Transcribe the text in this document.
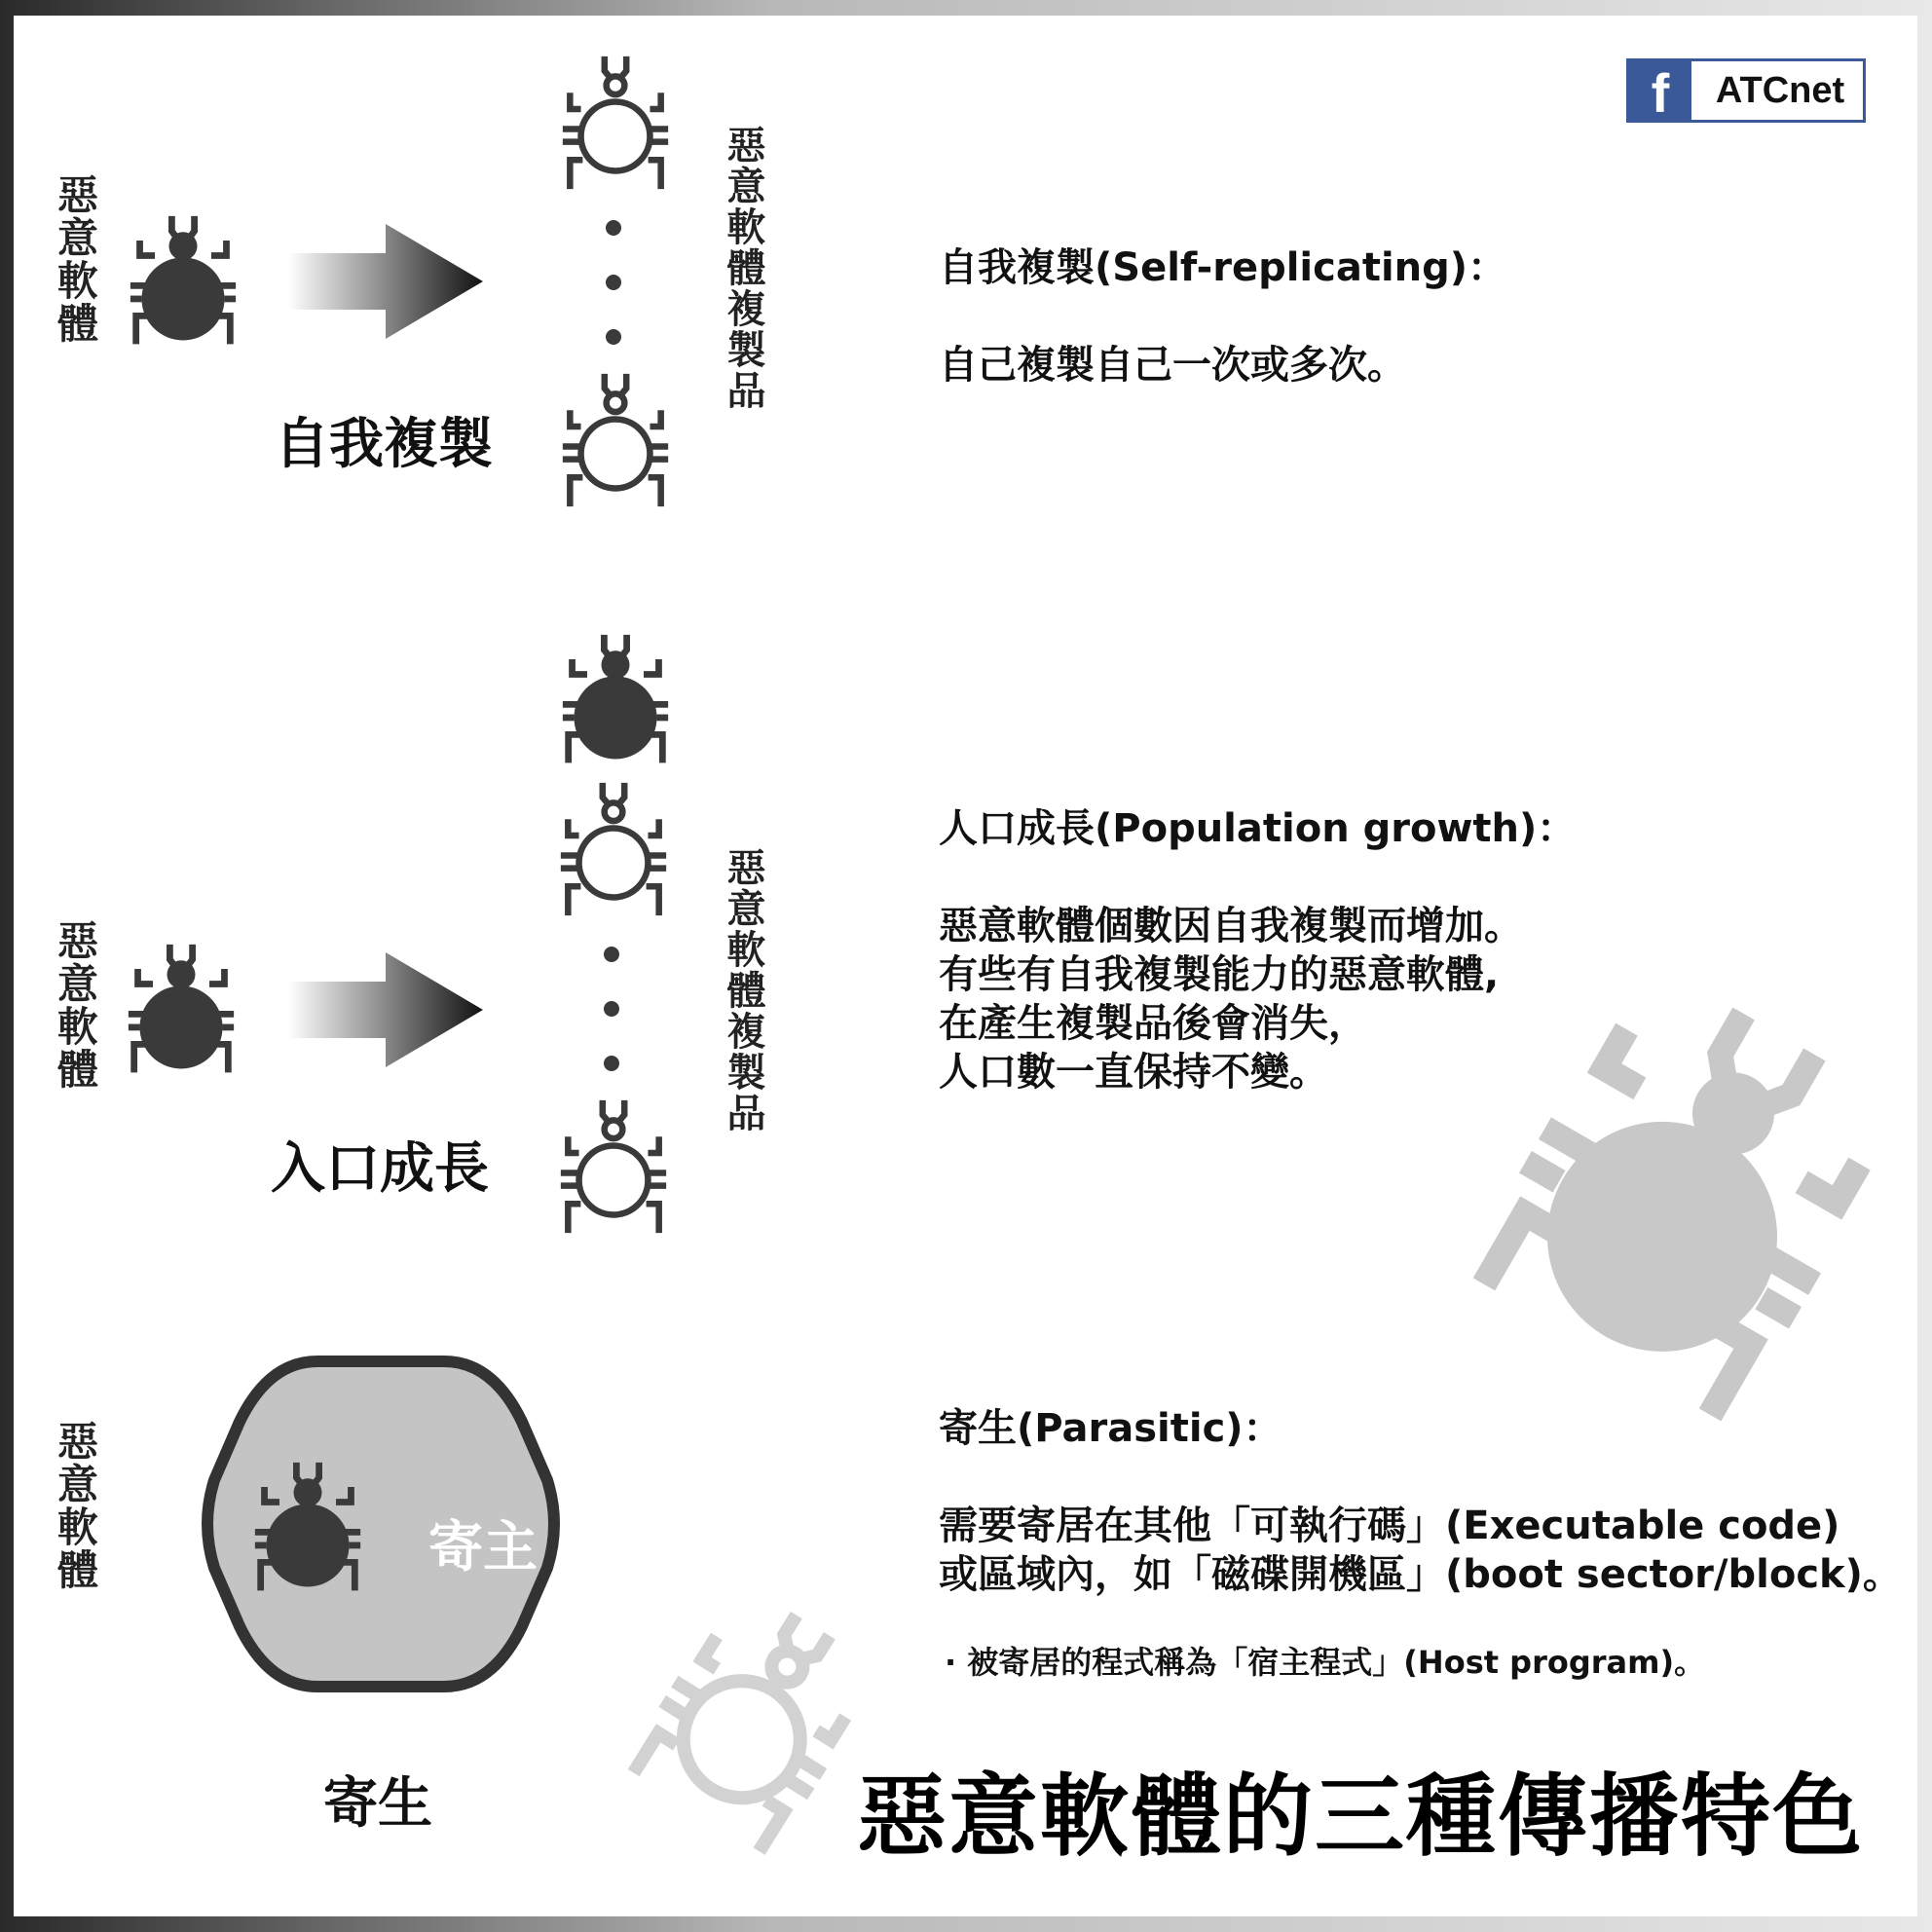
f	ATCnet
惡意軟體
自我複製
惡意軟體複製品	自我複製(Self-replicating)：

自己複製自己一次或多次。

惡意軟體
入口成長
惡意軟體複製品

人口成長(Population growth)：

惡意軟體個數因自我複製而增加。

有些有自我複製能力的惡意軟體,

在產生複製品後會消失，

人口數一直保持不變。

惡意軟體	寄主
寄生

寄生(Parasitic)：

需要寄居在其他「可執行碼」(Executable code)

或區域內，如「磁碟開機區」(boot sector/block)。

· 被寄居的程式稱為「宿主程式」(Host program)。
惡意軟體的三種傳播特色
